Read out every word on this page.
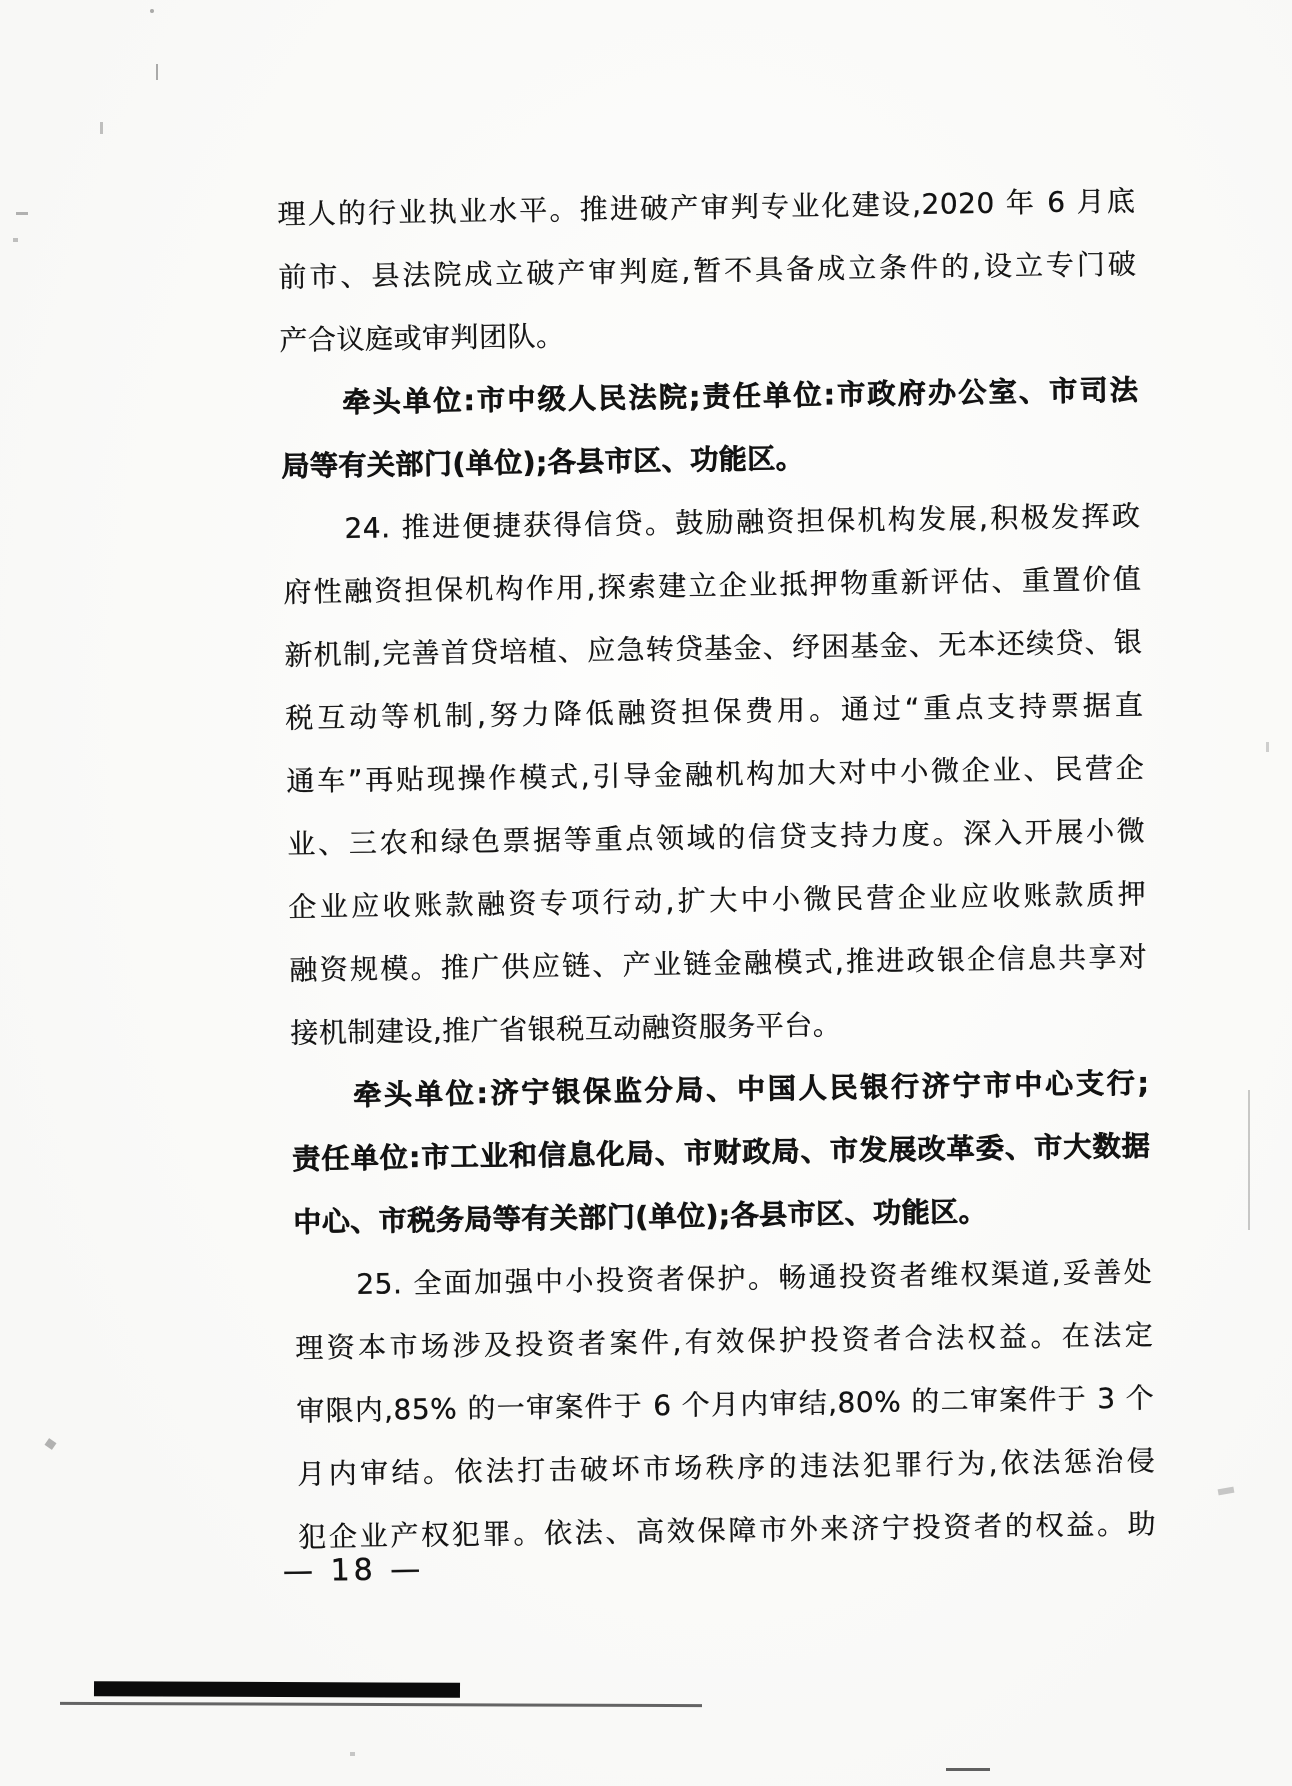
理人的行业执业水平。推进破产审判专业化建设,2020 年 6 月底
前市、县法院成立破产审判庭,暂不具备成立条件的,设立专门破
产合议庭或审判团队。
牵头单位:市中级人民法院;责任单位:市政府办公室、市司法
局等有关部门(单位);各县市区、功能区。
24. 推进便捷获得信贷。鼓励融资担保机构发展,积极发挥政
府性融资担保机构作用,探索建立企业抵押物重新评估、重置价值
新机制,完善首贷培植、应急转贷基金、纾困基金、无本还续贷、银
税互动等机制,努力降低融资担保费用。通过“重点支持票据直
通车”再贴现操作模式,引导金融机构加大对中小微企业、民营企
业、三农和绿色票据等重点领域的信贷支持力度。深入开展小微
企业应收账款融资专项行动,扩大中小微民营企业应收账款质押
融资规模。推广供应链、产业链金融模式,推进政银企信息共享对
接机制建设,推广省银税互动融资服务平台。
牵头单位:济宁银保监分局、中国人民银行济宁市中心支行;
责任单位:市工业和信息化局、市财政局、市发展改革委、市大数据
中心、市税务局等有关部门(单位);各县市区、功能区。
25. 全面加强中小投资者保护。畅通投资者维权渠道,妥善处
理资本市场涉及投资者案件,有效保护投资者合法权益。在法定
审限内,85% 的一审案件于 6 个月内审结,80% 的二审案件于 3 个
月内审结。依法打击破坏市场秩序的违法犯罪行为,依法惩治侵
犯企业产权犯罪。依法、高效保障市外来济宁投资者的权益。助
— 18 —
